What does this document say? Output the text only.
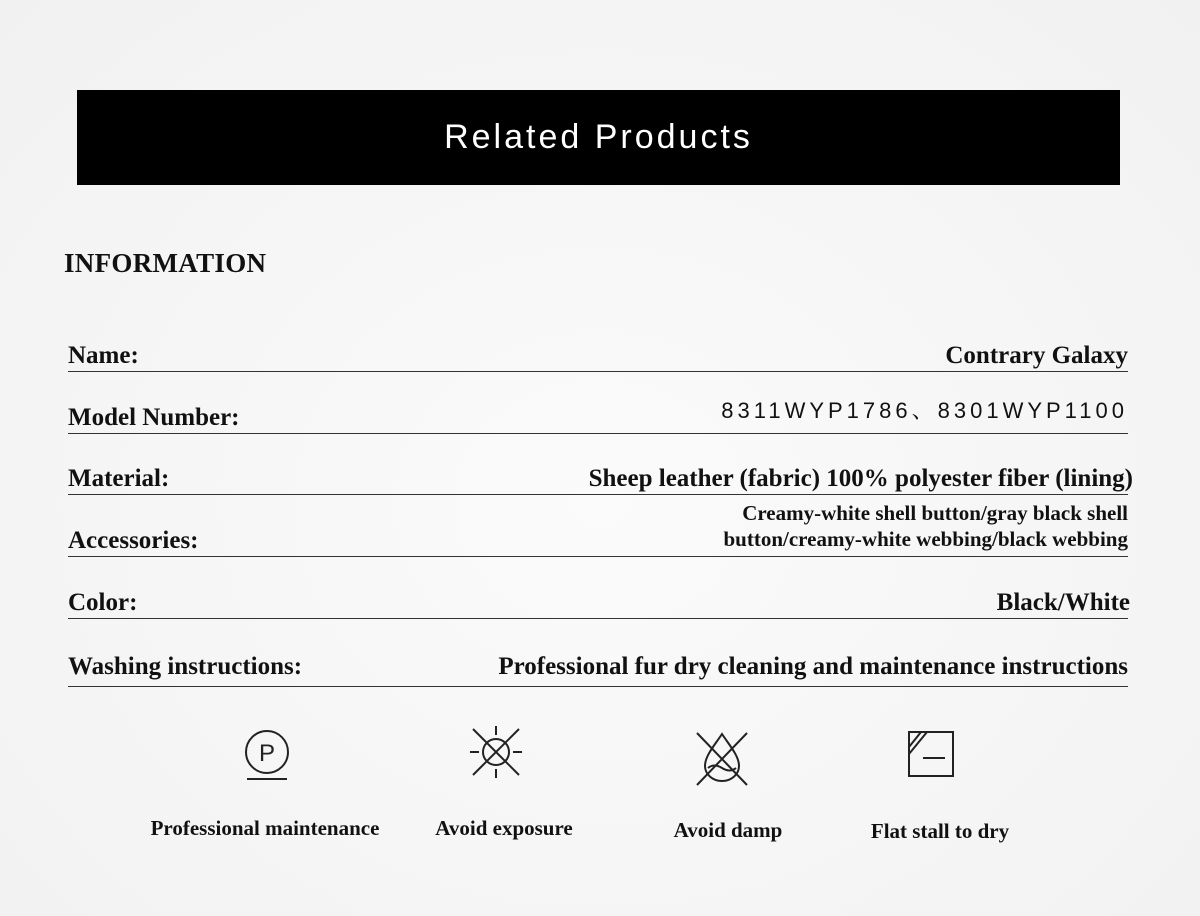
Related Products
INFORMATION
Name:	Contrary Galaxy
Model Number:	8311WYP1786、8301WYP1100
Material:	Sheep leather (fabric) 100% polyester fiber (lining)
Accessories:
Creamy-white shell button/gray black shell
button/creamy-white webbing/black webbing
Color:	Black/White
Washing instructions:	Professional fur dry cleaning and maintenance instructions
P
Professional maintenance	Avoid exposure	Avoid damp	Flat stall to dry
